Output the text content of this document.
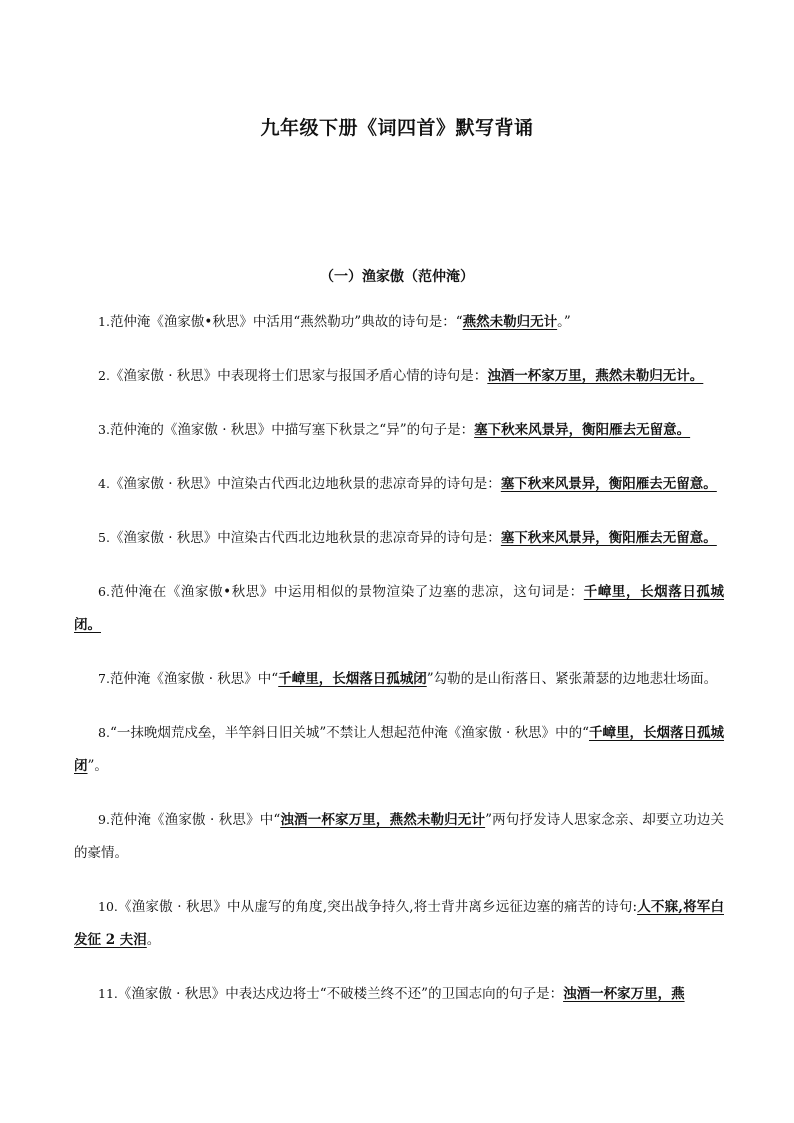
九年级下册《词四首》默写背诵
（一）渔家傲（范仲淹）

1.范仲淹《渔家傲•秋思》中活用“燕然勒功”典故的诗句是：“燕然未勒归无计。”

2.《渔家傲 · 秋思》中表现将士们思家与报国矛盾心情的诗句是：浊酒一杯家万里，燕然未勒归无计。

3.范仲淹的《渔家傲 · 秋思》中描写塞下秋景之“异”的句子是：塞下秋来风景异，衡阳雁去无留意。

4.《渔家傲 · 秋思》中渲染古代西北边地秋景的悲凉奇异的诗句是：塞下秋来风景异，衡阳雁去无留意。

5.《渔家傲 · 秋思》中渲染古代西北边地秋景的悲凉奇异的诗句是：塞下秋来风景异，衡阳雁去无留意。

6.范仲淹在《渔家傲•秋思》中运用相似的景物渲染了边塞的悲凉，这句词是：千嶂里，长烟落日孤城闭。

7.范仲淹《渔家傲 · 秋思》中“千嶂里，长烟落日孤城闭”勾勒的是山衔落日、紧张萧瑟的边地悲壮场面。

8.“一抹晚烟荒戍垒，半竿斜日旧关城”不禁让人想起范仲淹《渔家傲 · 秋思》中的“千嶂里，长烟落日孤城闭”。

9.范仲淹《渔家傲 · 秋思》中“浊酒一杯家万里，燕然未勒归无计”两句抒发诗人思家念亲、却要立功边关的豪情。

10.《渔家傲 · 秋思》中从虚写的角度,突出战争持久,将士背井离乡远征边塞的痛苦的诗句:人不寐,将军白发征 2 夫泪。

11.《渔家傲 · 秋思》中表达戍边将士“不破楼兰终不还”的卫国志向的句子是：浊酒一杯家万里，燕
